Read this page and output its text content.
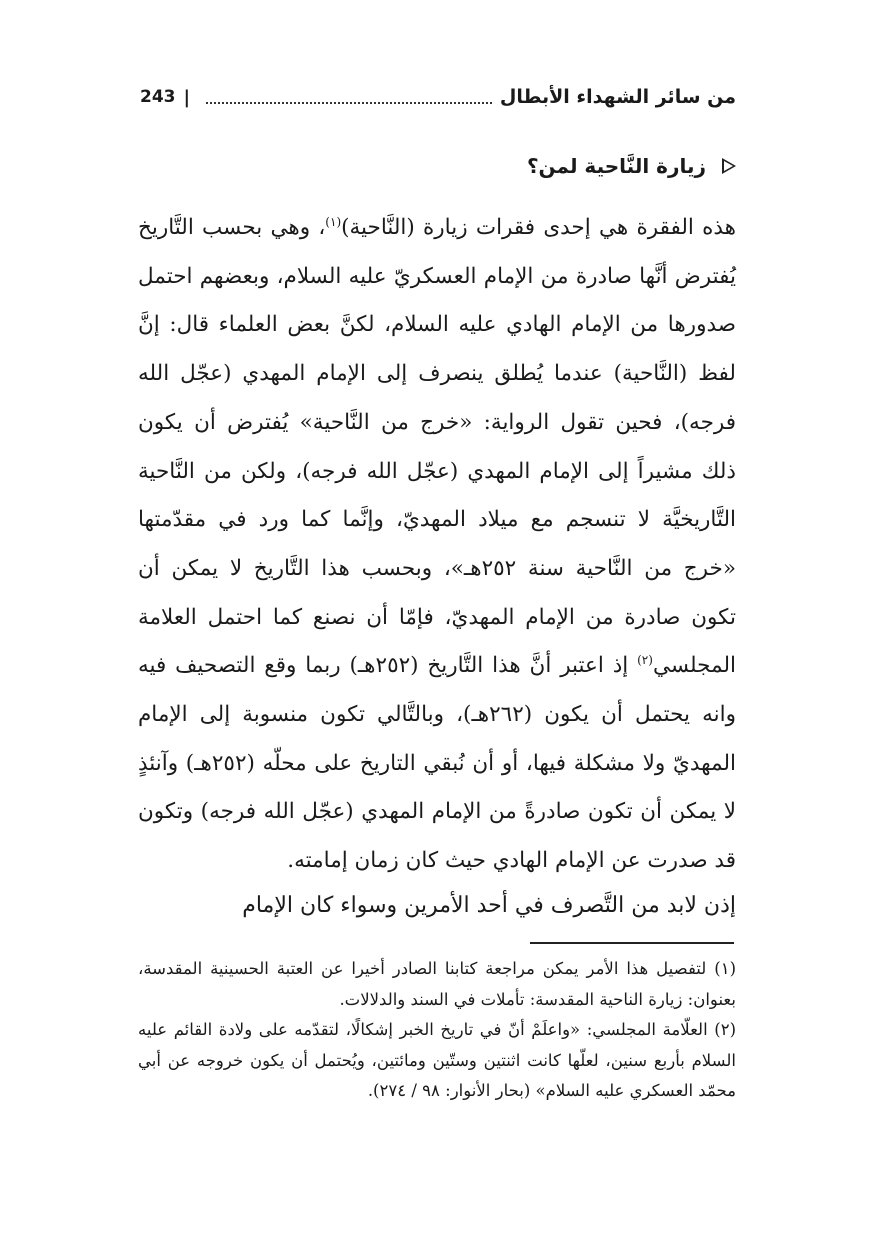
من سائر الشهداء الأبطال
|
243
زيارة النَّاحية لمن؟
هذه الفقرة هي إحدى فقرات زيارة (النَّاحية)$^{(١)}$، وهي بحسب التَّاريخ يُفترض أنَّها صادرة من الإمام العسكريّ عليه السلام، وبعضهم احتمل صدورها من الإمام الهادي عليه السلام، لكنَّ بعض العلماء قال: إنَّ لفظ (النَّاحية) عندما يُطلق ينصرف إلى الإمام المهدي (عجّل الله فرجه)، فحين تقول الرواية: «خرج من النَّاحية» يُفترض أن يكون ذلك مشيراً إلى الإمام المهدي (عجّل الله فرجه)، ولكن من النَّاحية التَّاريخيَّة لا تنسجم مع ميلاد المهديّ، وإنَّما كما ورد في مقدّمتها «خرج من النَّاحية سنة ٢٥٢هـ»، وبحسب هذا التَّاريخ لا يمكن أن تكون صادرة من الإمام المهديّ، فإمّا أن نصنع كما احتمل العلامة المجلسي$^{(٢)}$ إذ اعتبر أنَّ هذا التَّاريخ (٢٥٢هـ) ربما وقع التصحيف فيه وانه يحتمل أن يكون (٢٦٢هـ)، وبالتَّالي تكون منسوبة إلى الإمام المهديّ ولا مشكلة فيها، أو أن نُبقي التاريخ على محلّه (٢٥٢هـ) وآنئذٍ لا يمكن أن تكون صادرةً من الإمام المهدي (عجّل الله فرجه) وتكون قد صدرت عن الإمام الهادي حيث كان زمان إمامته.
إذن لابد من التَّصرف في أحد الأمرين وسواء كان الإمام

(١) لتفصيل هذا الأمر يمكن مراجعة كتابنا الصادر أخيرا عن العتبة الحسينية المقدسة، بعنوان: زيارة الناحية المقدسة: تأملات في السند والدلالات.

(٢) العلّامة المجلسي: «واعلَمْ أنّ في تاريخ الخبر إشكالًا، لتقدّمه على ولادة القائم عليه السلام بأربع سنين، لعلّها كانت اثنتين وستّين ومائتين، ويُحتمل أن يكون خروجه عن أبي محمّد العسكري عليه السلام» (بحار الأنوار: ٩٨ / ٢٧٤).
